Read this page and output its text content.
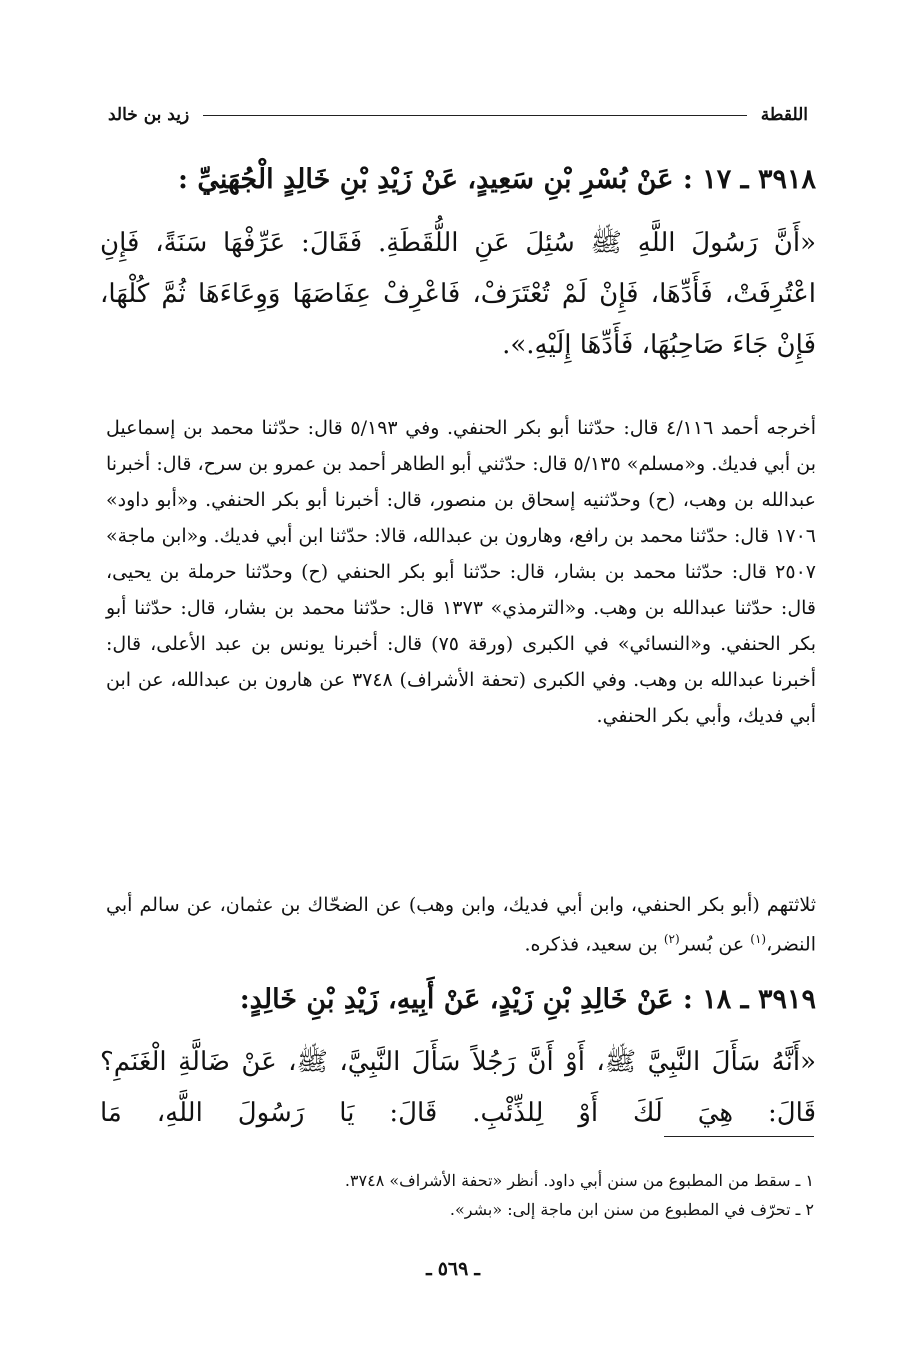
اللقطة
زيد بن خالد
٣٩١٨ ـ ١٧ : عَنْ بُسْرِ بْنِ سَعِيدٍ، عَنْ زَيْدِ بْنِ خَالِدٍ الْجُهَنِيِّ :
«أَنَّ رَسُولَ اللَّهِ ﷺ سُئِلَ عَنِ اللُّقَطَةِ. فَقَالَ: عَرِّفْهَا سَنَةً، فَإِنِ اعْتُرِفَتْ، فَأَدِّهَا، فَإِنْ لَمْ تُعْتَرَفْ، فَاعْرِفْ عِفَاصَهَا وَوِعَاءَهَا ثُمَّ كُلْهَا، فَإِنْ جَاءَ صَاحِبُهَا، فَأَدِّهَا إِلَيْهِ.».
أخرجه أحمد ٤/١١٦ قال: حدّثنا أبو بكر الحنفي. وفي ٥/١٩٣ قال: حدّثنا محمد بن إسماعيل بن أبي فديك. و«مسلم» ٥/١٣٥ قال: حدّثني أبو الطاهر أحمد بن عمرو بن سرح، قال: أخبرنا عبدالله بن وهب، (ح) وحدّثنيه إسحاق بن منصور، قال: أخبرنا أبو بكر الحنفي. و«أبو داود» ١٧٠٦ قال: حدّثنا محمد بن رافع، وهارون بن عبدالله، قالا: حدّثنا ابن أبي فديك. و«ابن ماجة» ٢٥٠٧ قال: حدّثنا محمد بن بشار، قال: حدّثنا أبو بكر الحنفي (ح) وحدّثنا حرملة بن يحيى، قال: حدّثنا عبدالله بن وهب. و«الترمذي» ١٣٧٣ قال: حدّثنا محمد بن بشار، قال: حدّثنا أبو بكر الحنفي. و«النسائي» في الكبرى (ورقة ٧٥) قال: أخبرنا يونس بن عبد الأعلى، قال: أخبرنا عبدالله بن وهب. وفي الكبرى (تحفة الأشراف) ٣٧٤٨ عن هارون بن عبدالله، عن ابن أبي فديك، وأبي بكر الحنفي.
ثلاثتهم (أبو بكر الحنفي، وابن أبي فديك، وابن وهب) عن الضحّاك بن عثمان، عن سالم أبي النضر،$^{(١)}$ عن بُسر$^{(٢)}$ بن سعيد، فذكره.
٣٩١٩ ـ ١٨ : عَنْ خَالِدِ بْنِ زَيْدٍ، عَنْ أَبِيهِ، زَيْدِ بْنِ خَالِدٍ:
«أَنَّهُ سَأَلَ النَّبِيَّ ﷺ، أَوْ أَنَّ رَجُلاً سَأَلَ النَّبِيَّ، ﷺ، عَنْ ضَالَّةِ الْغَنَمِ؟ قَالَ: هِيَ لَكَ أَوْ لِلذِّئْبِ. قَالَ: يَا رَسُولَ اللَّهِ، مَا
١ ـ سقط من المطبوع من سنن أبي داود. أنظر «تحفة الأشراف» ٣٧٤٨.
٢ ـ تحرّف في المطبوع من سنن ابن ماجة إلى: «بشر».
ـ٥٦٩ـ
